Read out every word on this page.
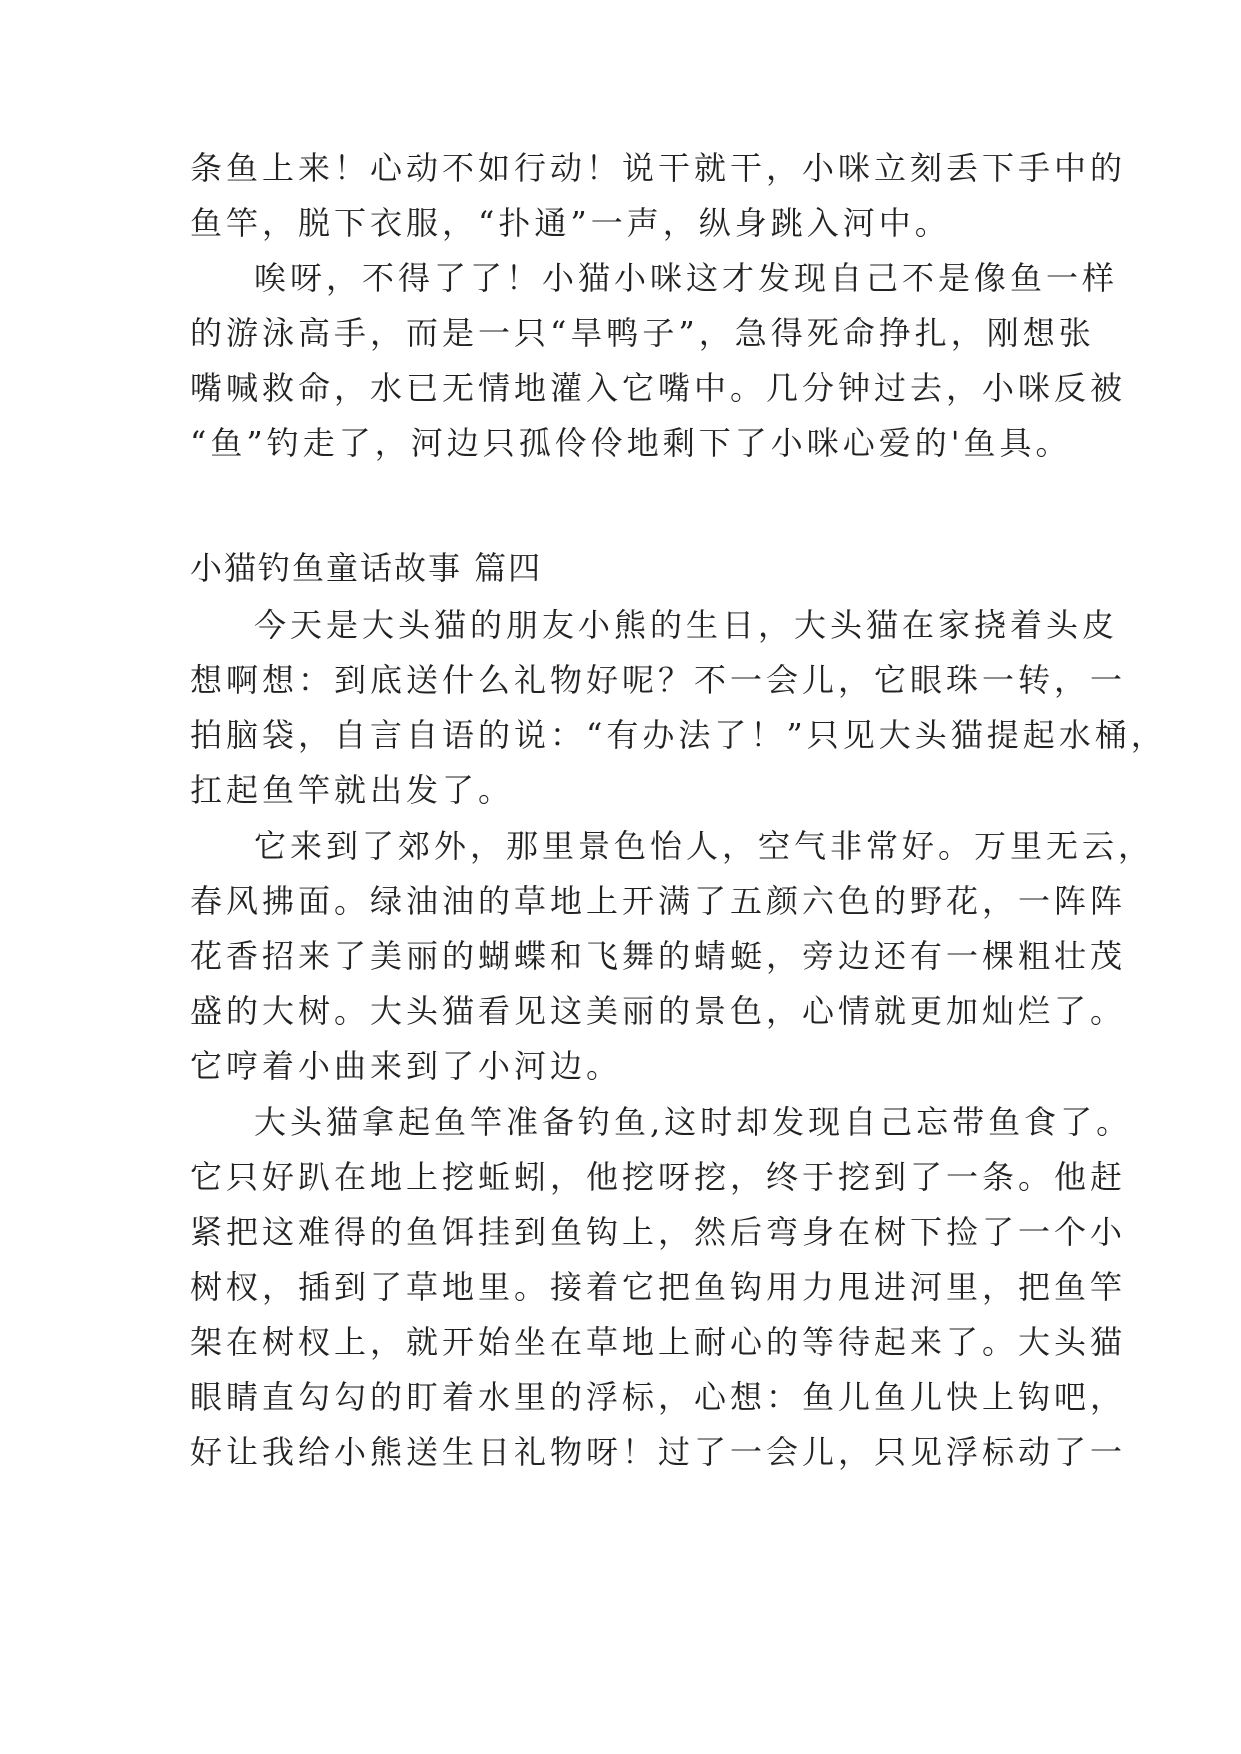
条鱼上来！心动不如行动！说干就干，小咪立刻丢下手中的
鱼竿，脱下衣服，“扑通”一声，纵身跳入河中。
唉呀，不得了了！小猫小咪这才发现自己不是像鱼一样
的游泳高手，而是一只“旱鸭子”，急得死命挣扎，刚想张
嘴喊救命，水已无情地灌入它嘴中。几分钟过去，小咪反被
“鱼”钓走了，河边只孤伶伶地剩下了小咪心爱的'鱼具。
小猫钓鱼童话故事 篇四
今天是大头猫的朋友小熊的生日，大头猫在家挠着头皮
想啊想：到底送什么礼物好呢？不一会儿，它眼珠一转，一
拍脑袋，自言自语的说：“有办法了！”只见大头猫提起水桶，
扛起鱼竿就出发了。
它来到了郊外，那里景色怡人，空气非常好。万里无云，
春风拂面。绿油油的草地上开满了五颜六色的野花，一阵阵
花香招来了美丽的蝴蝶和飞舞的蜻蜓，旁边还有一棵粗壮茂
盛的大树。大头猫看见这美丽的景色，心情就更加灿烂了。
它哼着小曲来到了小河边。
大头猫拿起鱼竿准备钓鱼,这时却发现自己忘带鱼食了。
它只好趴在地上挖蚯蚓，他挖呀挖，终于挖到了一条。他赶
紧把这难得的鱼饵挂到鱼钩上，然后弯身在树下捡了一个小
树杈，插到了草地里。接着它把鱼钩用力甩进河里，把鱼竿
架在树杈上，就开始坐在草地上耐心的等待起来了。大头猫
眼睛直勾勾的盯着水里的浮标，心想：鱼儿鱼儿快上钩吧，
好让我给小熊送生日礼物呀！过了一会儿，只见浮标动了一
